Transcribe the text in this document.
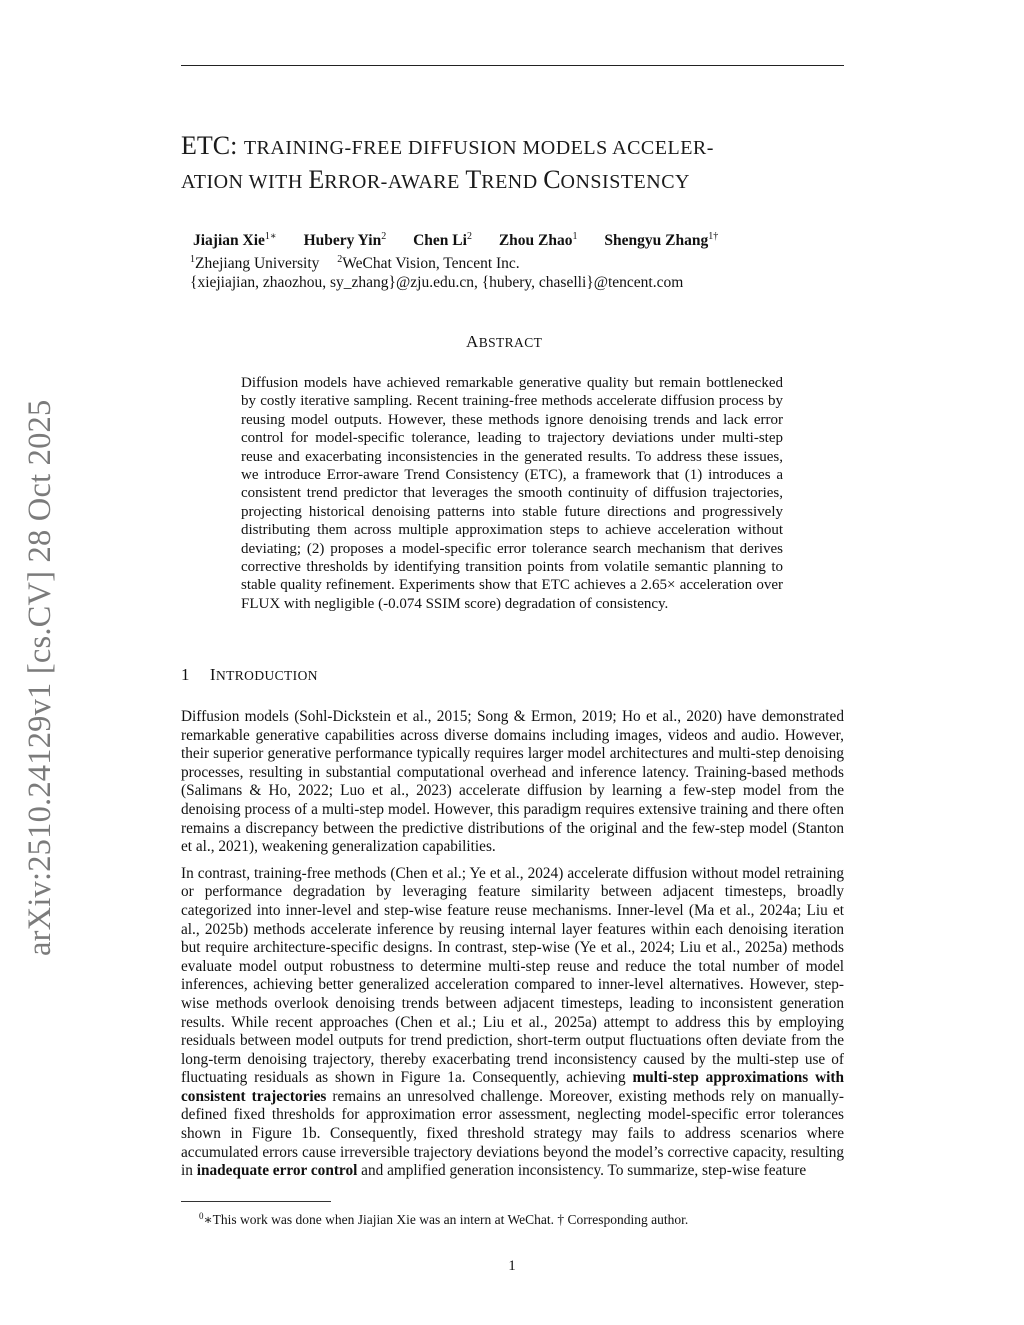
arXiv:2510.24129v1 [cs.CV] 28 Oct 2025
ETC: TRAINING-FREE DIFFUSION MODELS ACCELER-
ATION WITH ERROR-AWARE TREND CONSISTENCY
Jiajian Xie$^{1∗}$ Hubery Yin$^2$ Chen Li$^2$ Zhou Zhao$^1$ Shengyu Zhang$^{1\dagger}$
$^1$Zhejiang University $^2$WeChat Vision, Tencent Inc.
{xiejiajian, zhaozhou, sy_zhang}@zju.edu.cn, {hubery, chaselli}@tencent.com
ABSTRACT
Diffusion models have achieved remarkable generative quality but remain bottlenecked by costly iterative sampling. Recent training-free methods accelerate diffusion process by reusing model outputs. However, these methods ignore denoising trends and lack error control for model-specific tolerance, leading to trajectory deviations under multi-step reuse and exacerbating inconsistencies in the generated results. To address these issues, we introduce Error-aware Trend Consistency (ETC), a framework that (1) introduces a consistent trend predictor that leverages the smooth continuity of diffusion trajectories, projecting historical denoising patterns into stable future directions and progressively distributing them across multiple approximation steps to achieve acceleration without deviating; (2) proposes a model-specific error tolerance search mechanism that derives corrective thresholds by identifying transition points from volatile semantic planning to stable quality refinement. Experiments show that ETC achieves a 2.65× acceleration over FLUX with negligible (-0.074 SSIM score) degradation of consistency.
1 INTRODUCTION

Diffusion models (Sohl-Dickstein et al., 2015; Song & Ermon, 2019; Ho et al., 2020) have demonstrated remarkable generative capabilities across diverse domains including images, videos and audio. However, their superior generative performance typically requires larger model architectures and multi-step denoising processes, resulting in substantial computational overhead and inference latency. Training-based methods (Salimans & Ho, 2022; Luo et al., 2023) accelerate diffusion by learning a few-step model from the denoising process of a multi-step model. However, this paradigm requires extensive training and there often remains a discrepancy between the predictive distributions of the original and the few-step model (Stanton et al., 2021), weakening generalization capabilities.

In contrast, training-free methods (Chen et al.; Ye et al., 2024) accelerate diffusion without model retraining or performance degradation by leveraging feature similarity between adjacent timesteps, broadly categorized into inner-level and step-wise feature reuse mechanisms. Inner-level (Ma et al., 2024a; Liu et al., 2025b) methods accelerate inference by reusing internal layer features within each denoising iteration but require architecture-specific designs. In contrast, step-wise (Ye et al., 2024; Liu et al., 2025a) methods evaluate model output robustness to determine multi-step reuse and reduce the total number of model inferences, achieving better generalized acceleration compared to inner-level alternatives. However, step-wise methods overlook denoising trends between adjacent timesteps, leading to inconsistent generation results. While recent approaches (Chen et al.; Liu et al., 2025a) attempt to address this by employing residuals between model outputs for trend prediction, short-term output fluctuations often deviate from the long-term denoising trajectory, thereby exacerbating trend inconsistency caused by the multi-step use of fluctuating residuals as shown in Figure 1a. Consequently, achieving multi-step approximations with consistent trajectories remains an unresolved challenge. Moreover, existing methods rely on manually-defined fixed thresholds for approximation error assessment, neglecting model-specific error tolerances shown in Figure 1b. Consequently, fixed threshold strategy may fails to address scenarios where accumulated errors cause irreversible trajectory deviations beyond the model’s corrective capacity, resulting in inadequate error control and amplified generation inconsistency. To summarize, step-wise feature

$^0$∗This work was done when Jiajian Xie was an intern at WeChat. † Corresponding author.
1
